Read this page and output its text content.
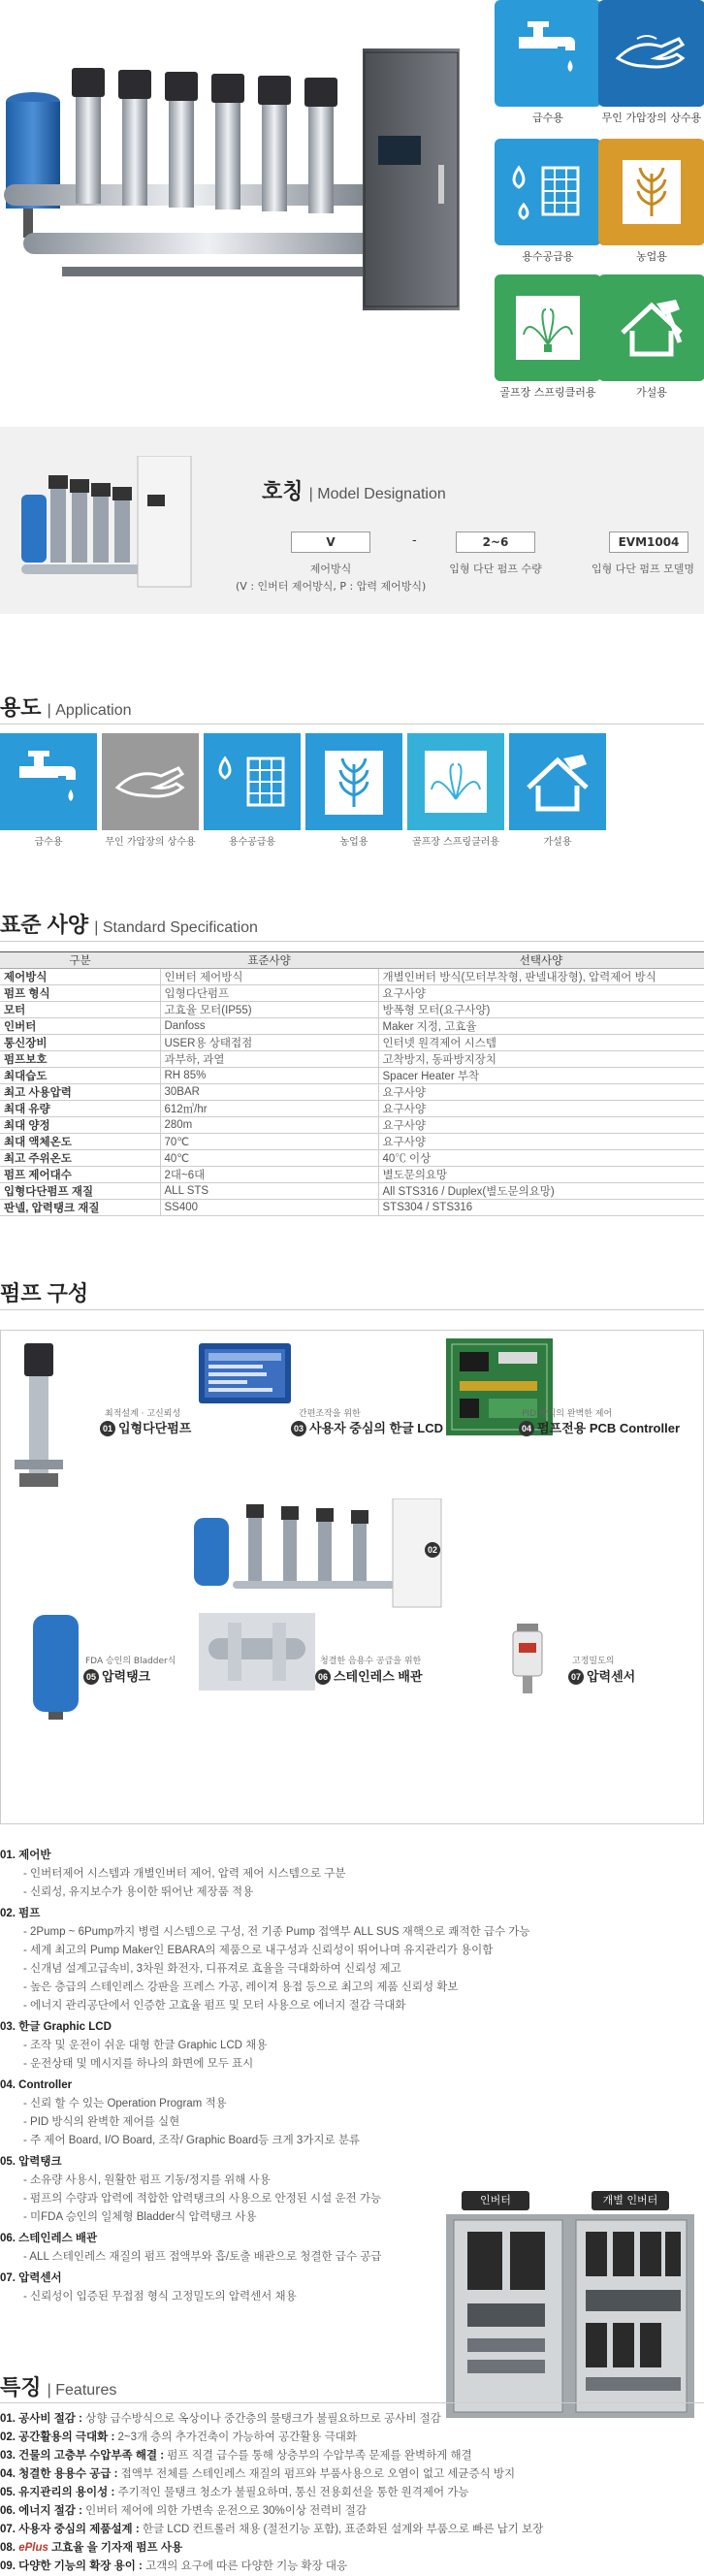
HYOSUNG GOODSPRINGS
급수용	무인 가압장의 상수용
용수공급용	농업용
골프장 스프링클러용	가설용
호칭 | Model Designation
V	-	2~6	EVM1004
제어방식	입형 다단 펌프 수량	입형 다단 펌프 모델명
(V : 인버터 제어방식, P : 압력 제어방식)
용도 | Application
급수용	무인 가압장의 상수용	용수공급용	농업용	골프장 스프링클러용	가설용
표준 사양 | Standard Specification
구분	표준사양	선택사양
제어방식	인버터 제어방식	개별인버터 방식(모터부착형, 판넬내장형), 압력제어 방식
펌프 형식	입형다단펌프	요구사양
모터	고효율 모터(IP55)	방폭형 모터(요구사양)
인버터	Danfoss	Maker 지정, 고효율
통신장비	USER용 상태접점	인터넷 원격제어 시스템
펌프보호	과부하, 과열	고착방지, 동파방지장치
최대습도	RH 85%	Spacer Heater 부착
최고 사용압력	30BAR	요구사양
최대 유량	612㎥/hr	요구사양
최대 양정	280m	요구사양
최대 액체온도	70℃	요구사양
최고 주위온도	40℃	40℃ 이상
펌프 제어대수	2대~6대	별도문의요망
입형다단펌프 재질	ALL STS	All STS316 / Duplex(별도문의요망)
판넬, 압력탱크 재질	SS400	STS304 / STS316
펌프 구성
최적설계 · 고신뢰성
01 입형다단펌프
간편조작을 위한
03 사용자 중심의 한글 LCD
PID 방식의 완벽한 제어
04 펌프전용 PCB Controller
02
FDA 승인의 Bladder식
05 압력탱크
청결한 음용수 공급을 위한
06 스테인레스 배관
고정밀도의
07 압력센서
01. 제어반
- 인버터제어 시스템과 개별인버터 제어, 압력 제어 시스템으로 구분
- 신뢰성, 유지보수가 용이한 뛰어난 제장품 적용
02. 펌프
- 2Pump ~ 6Pump까지 병렬 시스템으로 구성, 전 기종 Pump 접액부 ALL SUS 재핵으로 쾌적한 급수 가능
- 세계 최고의 Pump Maker인 EBARA의 제품으로 내구성과 신뢰성이 뛰어나며 유지관리가 용이함
- 신개념 설계고급속비, 3차원 화전자, 디퓨져로 효율을 극대화하여 신뢰성 제고
- 높은 층급의 스테인레스 강판을 프레스 가공, 레이져 용접 등으로 최고의 제품 신뢰성 확보
- 에너지 관리공단에서 인증한 고효율 펌프 및 모터 사용으로 에너지 절감 극대화
03. 한글 Graphic LCD
- 조작 및 운전이 쉬운 대형 한글 Graphic LCD 채용
- 운전상태 및 메시지를 하나의 화면에 모두 표시
04. Controller
- 신뢰 할 수 있는 Operation Program 적용
- PID 방식의 완벽한 제어를 실현
- 주 제어 Board, I/O Board, 조작/ Graphic Board등 크게 3가지로 분류
05. 압력탱크
- 소유량 사용시, 원활한 펌프 기동/정지를 위해 사용
- 펌프의 수량과 압력에 적합한 압력탱크의 사용으로 안정된 시설 운전 가능
- 미FDA 승인의 일체형 Bladder식 압력탱크 사용
06. 스테인레스 배관
- ALL 스테인레스 재질의 펌프 접액부와 흡/토출 배관으로 청결한 급수 공급
07. 압력센서
- 신뢰성이 입증된 무접점 형식 고정밀도의 압력센서 채용
인버터	개별 인버터
특징 | Features
01. 공사비 절감 : 상향 급수방식으로 옥상이나 중간층의 물탱크가 불필요하므로 공사비 절감
02. 공간활용의 극대화 : 2~3개 층의 추가건축이 가능하여 공간활용 극대화
03. 건물의 고층부 수압부족 해결 : 펌프 직결 급수를 통해 상층부의 수압부족 문제를 완벽하게 해결
04. 청결한 용용수 공급 : 접액부 전체를 스테인레스 재질의 펌프와 부품사용으로 오염이 없고 세균증식 방지
05. 유지관리의 용이성 : 주기적인 물탱크 청소가 불필요하며, 통신 전용회선을 통한 원격제어 가능
06. 에너지 절감 : 인버터 제어에 의한 가변속 운전으로 30%이상 전력비 절감
07. 사용자 중심의 제품설계 : 한글 LCD 컨트롤러 채용 (절전기능 포함), 표준화된 설계와 부품으로 빠른 납기 보장
08. ePlus 고효율 을 기자재 펌프 사용
09. 다양한 기능의 확장 용이 : 고객의 요구에 따른 다양한 기능 확장 대응
